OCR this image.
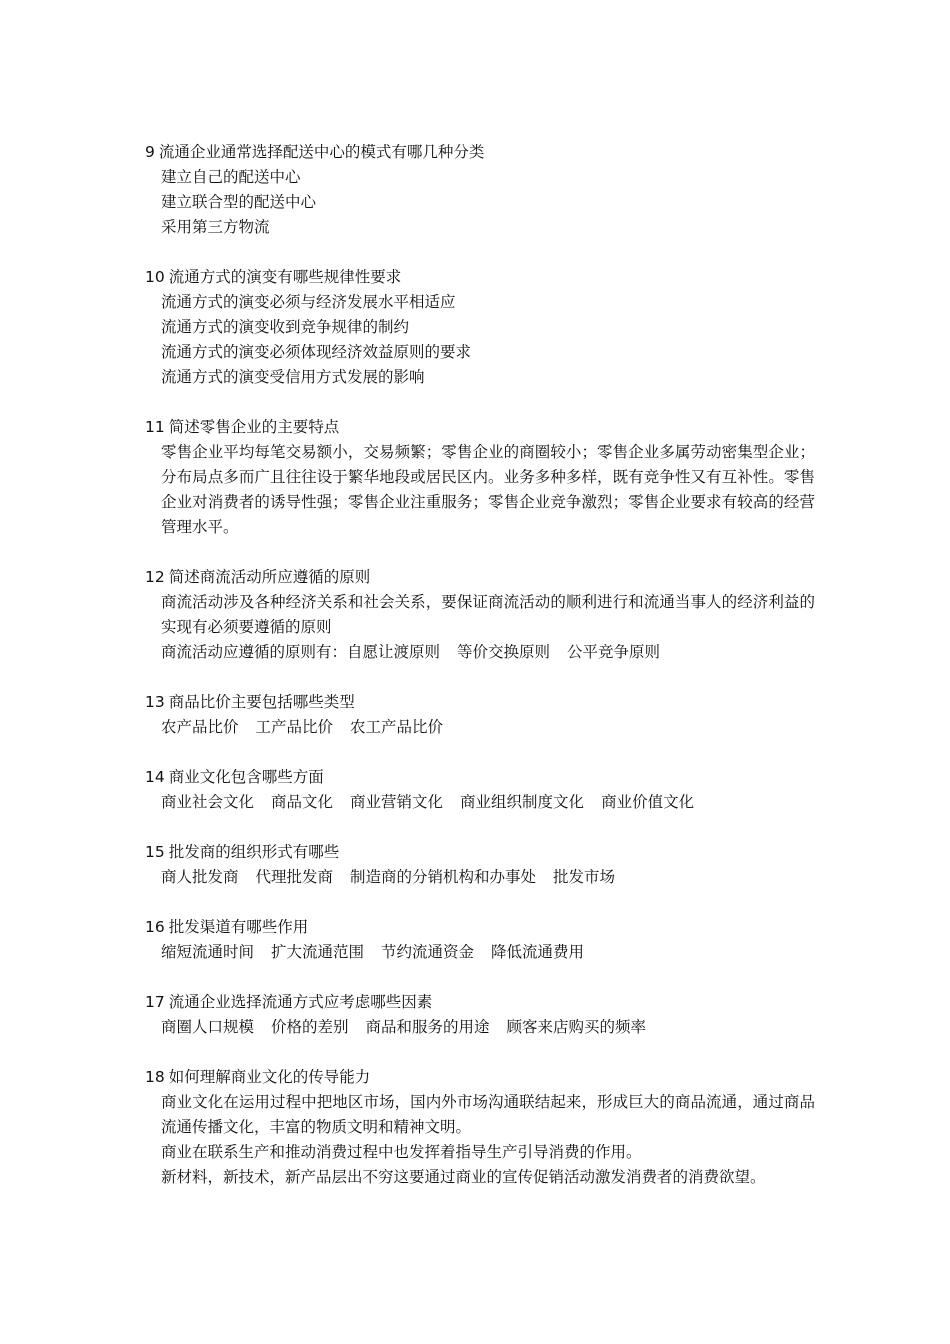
9 流通企业通常选择配送中心的模式有哪几种分类
建立自己的配送中心
建立联合型的配送中心
采用第三方物流
10 流通方式的演变有哪些规律性要求
流通方式的演变必须与经济发展水平相适应
流通方式的演变收到竞争规律的制约
流通方式的演变必须体现经济效益原则的要求
流通方式的演变受信用方式发展的影响
11 简述零售企业的主要特点
零售企业平均每笔交易额小，交易频繁；零售企业的商圈较小；零售企业多属劳动密集型企业；分布局点多而广且往往设于繁华地段或居民区内。业务多种多样，既有竞争性又有互补性。零售企业对消费者的诱导性强；零售企业注重服务；零售企业竞争激烈；零售企业要求有较高的经营管理水平。
12 简述商流活动所应遵循的原则
商流活动涉及各种经济关系和社会关系，要保证商流活动的顺利进行和流通当事人的经济利益的实现有必须要遵循的原则
商流活动应遵循的原则有：自愿让渡原则 等价交换原则 公平竞争原则
13 商品比价主要包括哪些类型
农产品比价 工产品比价 农工产品比价
14 商业文化包含哪些方面
商业社会文化 商品文化 商业营销文化 商业组织制度文化 商业价值文化
15 批发商的组织形式有哪些
商人批发商 代理批发商 制造商的分销机构和办事处 批发市场
16 批发渠道有哪些作用
缩短流通时间 扩大流通范围 节约流通资金 降低流通费用
17 流通企业选择流通方式应考虑哪些因素
商圈人口规模 价格的差别 商品和服务的用途 顾客来店购买的频率
18 如何理解商业文化的传导能力
商业文化在运用过程中把地区市场，国内外市场沟通联结起来，形成巨大的商品流通，通过商品流通传播文化，丰富的物质文明和精神文明。
商业在联系生产和推动消费过程中也发挥着指导生产引导消费的作用。
新材料，新技术，新产品层出不穷这要通过商业的宣传促销活动激发消费者的消费欲望。
